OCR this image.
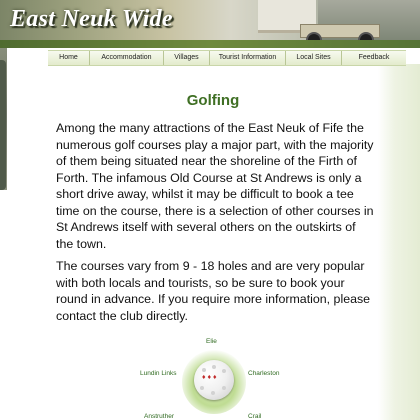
East Neuk Wide
Home	Accommodation	Villages	Tourist Information	Local Sites	Feedback
Golfing

Among the many attractions of the East Neuk of Fife the numerous golf courses play a major part, with the majority of them being situated near the shoreline of the Firth of Forth. The infamous Old Course at St Andrews is only a short drive away, whilst it may be difficult to book a tee time on the course, there is a selection of other courses in St Andrews itself with several others on the outskirts of the town.

The courses vary from 9 - 18 holes and are very popular with both locals and tourists, so be sure to book your round in advance. If you require more information, please contact the club directly.

Elie
Lundin Links	Charleston
Anstruther	Crail
♦ ♦ ♦
